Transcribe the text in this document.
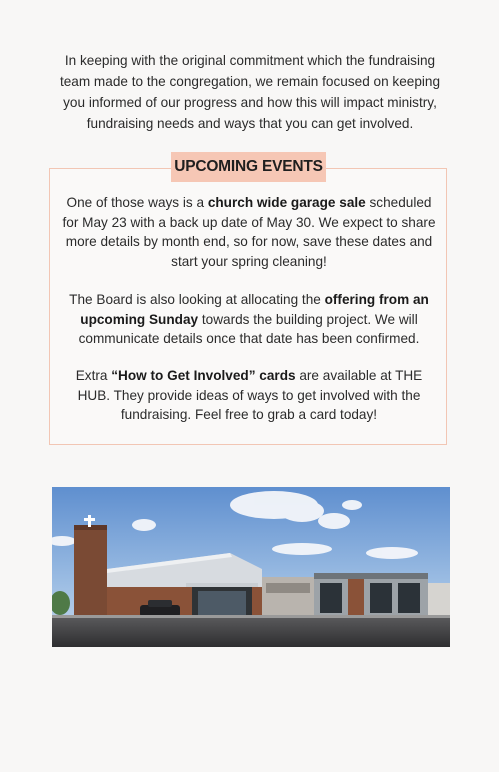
In keeping with the original commitment which the fundraising team made to the congregation, we remain focused on keeping you informed of our progress and how this will impact ministry, fundraising needs and ways that you can get involved.
UPCOMING EVENTS
One of those ways is a church wide garage sale scheduled for May 23 with a back up date of May 30. We expect to share more details by month end, so for now, save these dates and start your spring cleaning!
The Board is also looking at allocating the offering from an upcoming Sunday towards the building project. We will communicate details once that date has been confirmed.
Extra “How to Get Involved” cards are available at THE HUB. They provide ideas of ways to get involved with the fundraising. Feel free to grab a card today!
